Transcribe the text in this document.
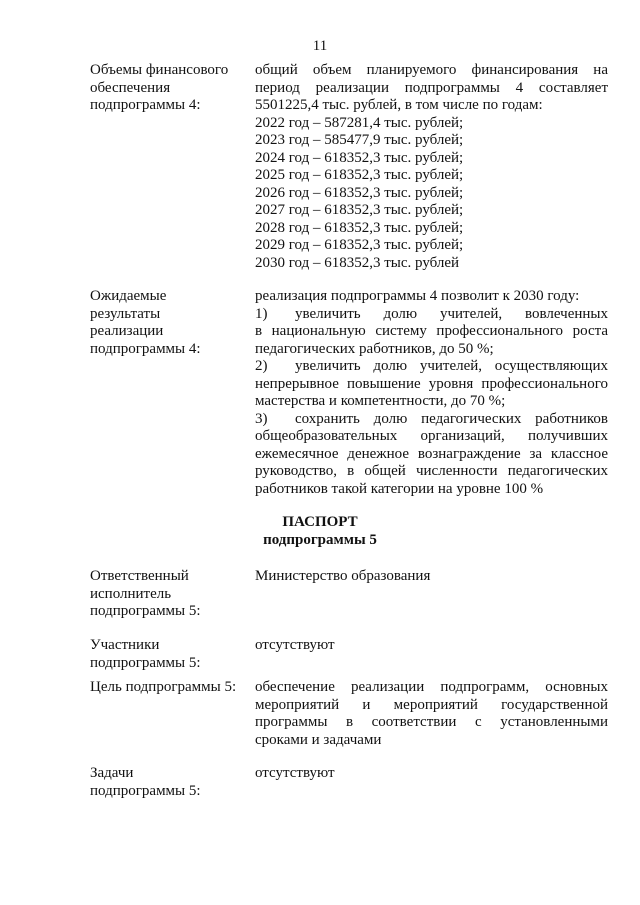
11
Объемы финансового
обеспечения
подпрограммы 4:
общий объем планируемого финансирования на
период реализации подпрограммы 4 составляет
5501225,4 тыс. рублей, в том числе по годам:
2022 год – 587281,4 тыс. рублей;
2023 год – 585477,9 тыс. рублей;
2024 год – 618352,3 тыс. рублей;
2025 год – 618352,3 тыс. рублей;
2026 год – 618352,3 тыс. рублей;
2027 год – 618352,3 тыс. рублей;
2028 год – 618352,3 тыс. рублей;
2029 год – 618352,3 тыс. рублей;
2030 год – 618352,3 тыс. рублей
Ожидаемые
результаты
реализации
подпрограммы 4:
реализация подпрограммы 4 позволит к 2030 году:
1) увеличить долю учителей, вовлеченных
в национальную систему профессионального роста
педагогических работников, до 50 %;
2) увеличить долю учителей, осуществляющих
непрерывное повышение уровня профессионального
мастерства и компетентности, до 70 %;
3) сохранить долю педагогических работников
общеобразовательных организаций, получивших
ежемесячное денежное вознаграждение за классное
руководство, в общей численности педагогических
работников такой категории на уровне 100 %
ПАСПОРТ
подпрограммы 5
Ответственный
исполнитель
подпрограммы 5:
Министерство образования
Участники
подпрограммы 5:
отсутствуют
Цель подпрограммы 5:	обеспечение реализации подпрограмм, основных
мероприятий и мероприятий государственной
программы в соответствии с установленными
сроками и задачами
Задачи
подпрограммы 5:
отсутствуют
